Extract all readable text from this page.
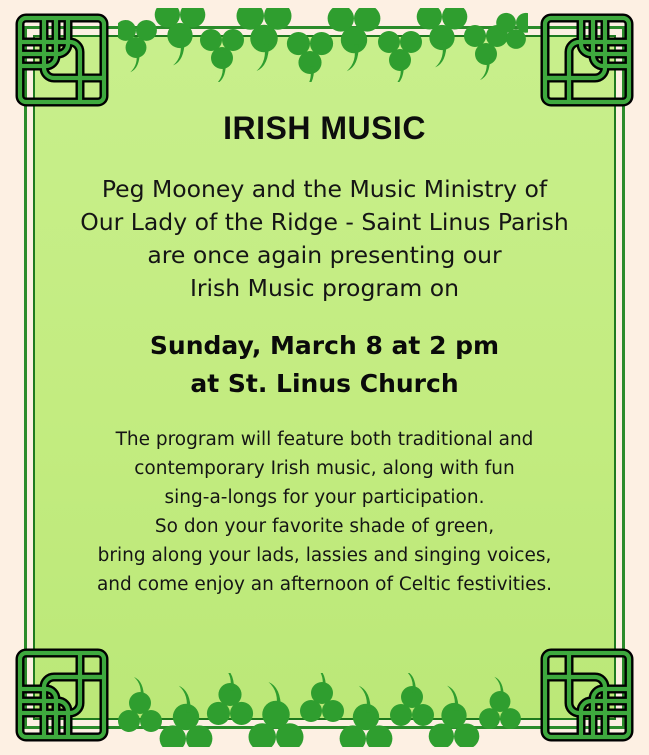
IRISH MUSIC
Peg Mooney and the Music Ministry of
Our Lady of the Ridge - Saint Linus Parish
are once again presenting our
Irish Music program on
Sunday, March 8 at 2 pm
at St. Linus Church
The program will feature both traditional and
contemporary Irish music, along with fun
sing-a-longs for your participation.
So don your favorite shade of green,
bring along your lads, lassies and singing voices,
and come enjoy an afternoon of Celtic festivities.
